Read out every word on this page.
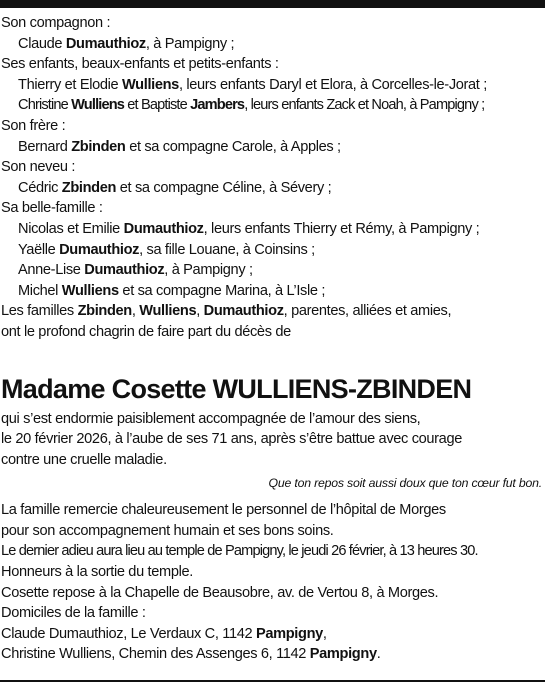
Son compagnon :
Claude Dumauthioz, à Pampigny ;
Ses enfants, beaux-enfants et petits-enfants :
Thierry et Elodie Wulliens, leurs enfants Daryl et Elora, à Corcelles-le-Jorat ;
Christine Wulliens et Baptiste Jambers, leurs enfants Zack et Noah, à Pampigny ;
Son frère :
Bernard Zbinden et sa compagne Carole, à Apples ;
Son neveu :
Cédric Zbinden et sa compagne Céline, à Sévery ;
Sa belle-famille :
Nicolas et Emilie Dumauthioz, leurs enfants Thierry et Rémy, à Pampigny ;
Yaëlle Dumauthioz, sa fille Louane, à Coinsins ;
Anne-Lise Dumauthioz, à Pampigny ;
Michel Wulliens et sa compagne Marina, à L’Isle ;
Les familles Zbinden, Wulliens, Dumauthioz, parentes, alliées et amies,
ont le profond chagrin de faire part du décès de
Madame Cosette WULLIENS-ZBINDEN
qui s’est endormie paisiblement accompagnée de l’amour des siens,
le 20 février 2026, à l’aube de ses 71 ans, après s’être battue avec courage
contre une cruelle maladie.
Que ton repos soit aussi doux que ton cœur fut bon.
La famille remercie chaleureusement le personnel de l’hôpital de Morges
pour son accompagnement humain et ses bons soins.
Le dernier adieu aura lieu au temple de Pampigny, le jeudi 26 février, à 13 heures 30.
Honneurs à la sortie du temple.
Cosette repose à la Chapelle de Beausobre, av. de Vertou 8, à Morges.
Domiciles de la famille :
Claude Dumauthioz, Le Verdaux C, 1142 Pampigny,
Christine Wulliens, Chemin des Assenges 6, 1142 Pampigny.
